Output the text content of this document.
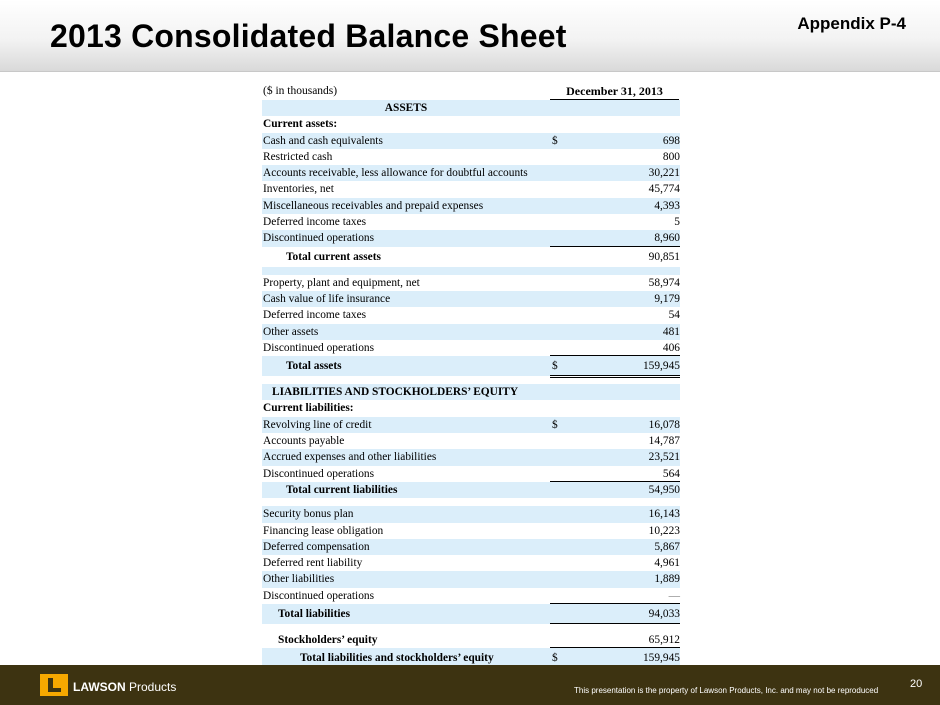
2013 Consolidated Balance Sheet	Appendix P-4
($ in thousands)	December 31, 2013
ASSETS
Current assets:
Cash and cash equivalents	$	698
Restricted cash	800
Accounts receivable, less allowance for doubtful accounts	30,221
Inventories, net	45,774
Miscellaneous receivables and prepaid expenses	4,393
Deferred income taxes	5
Discontinued operations	8,960
Total current assets	90,851
Property, plant and equipment, net	58,974
Cash value of life insurance	9,179
Deferred income taxes	54
Other assets	481
Discontinued operations	406
Total assets	$	159,945
LIABILITIES AND STOCKHOLDERS’ EQUITY
Current liabilities:
Revolving line of credit	$	16,078
Accounts payable	14,787
Accrued expenses and other liabilities	23,521
Discontinued operations	564
Total current liabilities	54,950
Security bonus plan	16,143
Financing lease obligation	10,223
Deferred compensation	5,867
Deferred rent liability	4,961
Other liabilities	1,889
Discontinued operations	—
Total liabilities	94,033
Stockholders’ equity	65,912
Total liabilities and stockholders’ equity	$	159,945
LAWSON Products	This presentation is the property of Lawson Products, Inc. and may not be reproduced
20
